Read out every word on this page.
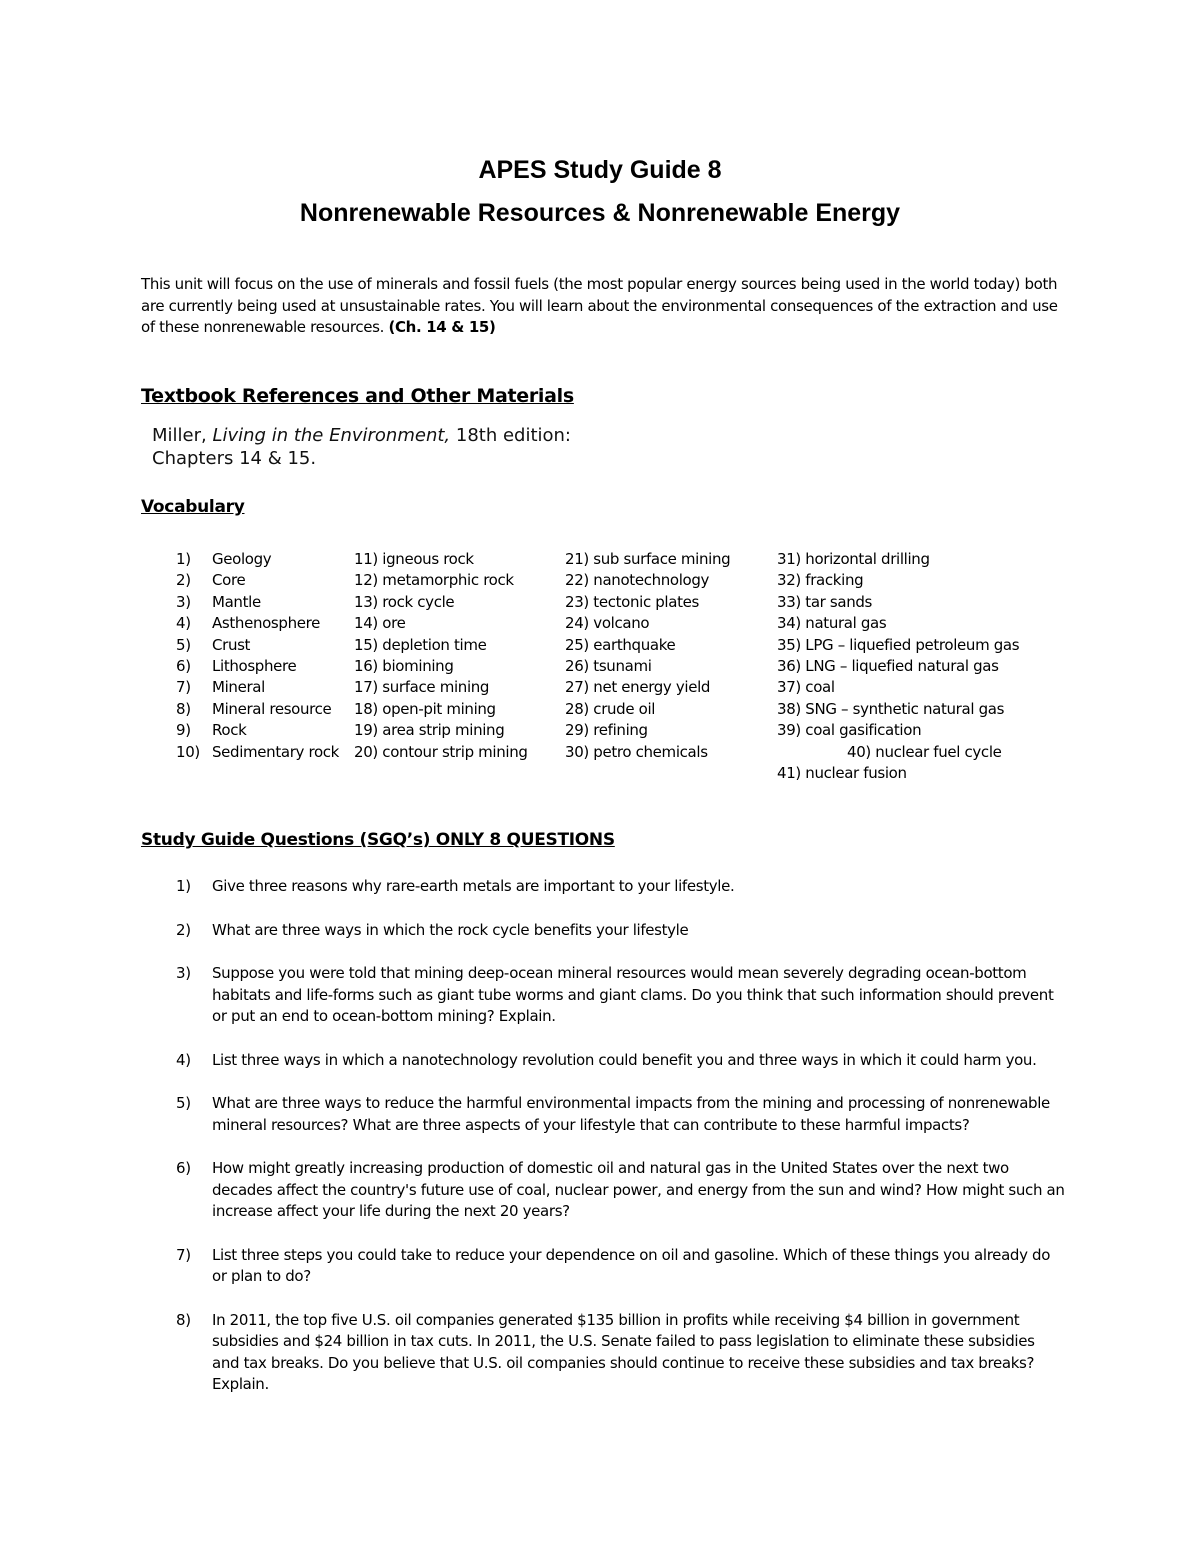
APES Study Guide 8
Nonrenewable Resources & Nonrenewable Energy
This unit will focus on the use of minerals and fossil fuels (the most popular energy sources being used in the world today) both are currently being used at unsustainable rates. You will learn about the environmental consequences of the extraction and use of these nonrenewable resources. (Ch. 14 & 15)
Textbook References and Other Materials
Miller, Living in the Environment, 18th edition:
Chapters 14 & 15.
Vocabulary
1) Geology
2) Core
3) Mantle
4) Asthenosphere
5) Crust
6) Lithosphere
7) Mineral
8) Mineral resource
9) Rock
10) Sedimentary rock
11) igneous rock
12) metamorphic rock
13) rock cycle
14) ore
15) depletion time
16) biomining
17) surface mining
18) open-pit mining
19) area strip mining
20) contour strip mining
21) sub surface mining
22) nanotechnology
23) tectonic plates
24) volcano
25) earthquake
26) tsunami
27) net energy yield
28) crude oil
29) refining
30) petro chemicals
31) horizontal drilling
32) fracking
33) tar sands
34) natural gas
35) LPG – liquefied petroleum gas
36) LNG – liquefied natural gas
37) coal
38) SNG – synthetic natural gas
39) coal gasification
40) nuclear fuel cycle
41) nuclear fusion
Study Guide Questions (SGQ’s) ONLY 8 QUESTIONS
1) Give three reasons why rare-earth metals are important to your lifestyle.
2) What are three ways in which the rock cycle benefits your lifestyle
3) Suppose you were told that mining deep-ocean mineral resources would mean severely degrading ocean-bottom habitats and life-forms such as giant tube worms and giant clams. Do you think that such information should prevent or put an end to ocean-bottom mining? Explain.
4) List three ways in which a nanotechnology revolution could benefit you and three ways in which it could harm you.
5) What are three ways to reduce the harmful environmental impacts from the mining and processing of nonrenewable mineral resources? What are three aspects of your lifestyle that can contribute to these harmful impacts?
6) How might greatly increasing production of domestic oil and natural gas in the United States over the next two decades affect the country's future use of coal, nuclear power, and energy from the sun and wind? How might such an increase affect your life during the next 20 years?
7) List three steps you could take to reduce your dependence on oil and gasoline. Which of these things you already do or plan to do?
8) In 2011, the top five U.S. oil companies generated $135 billion in profits while receiving $4 billion in government subsidies and $24 billion in tax cuts. In 2011, the U.S. Senate failed to pass legislation to eliminate these subsidies and tax breaks. Do you believe that U.S. oil companies should continue to receive these subsidies and tax breaks? Explain.
